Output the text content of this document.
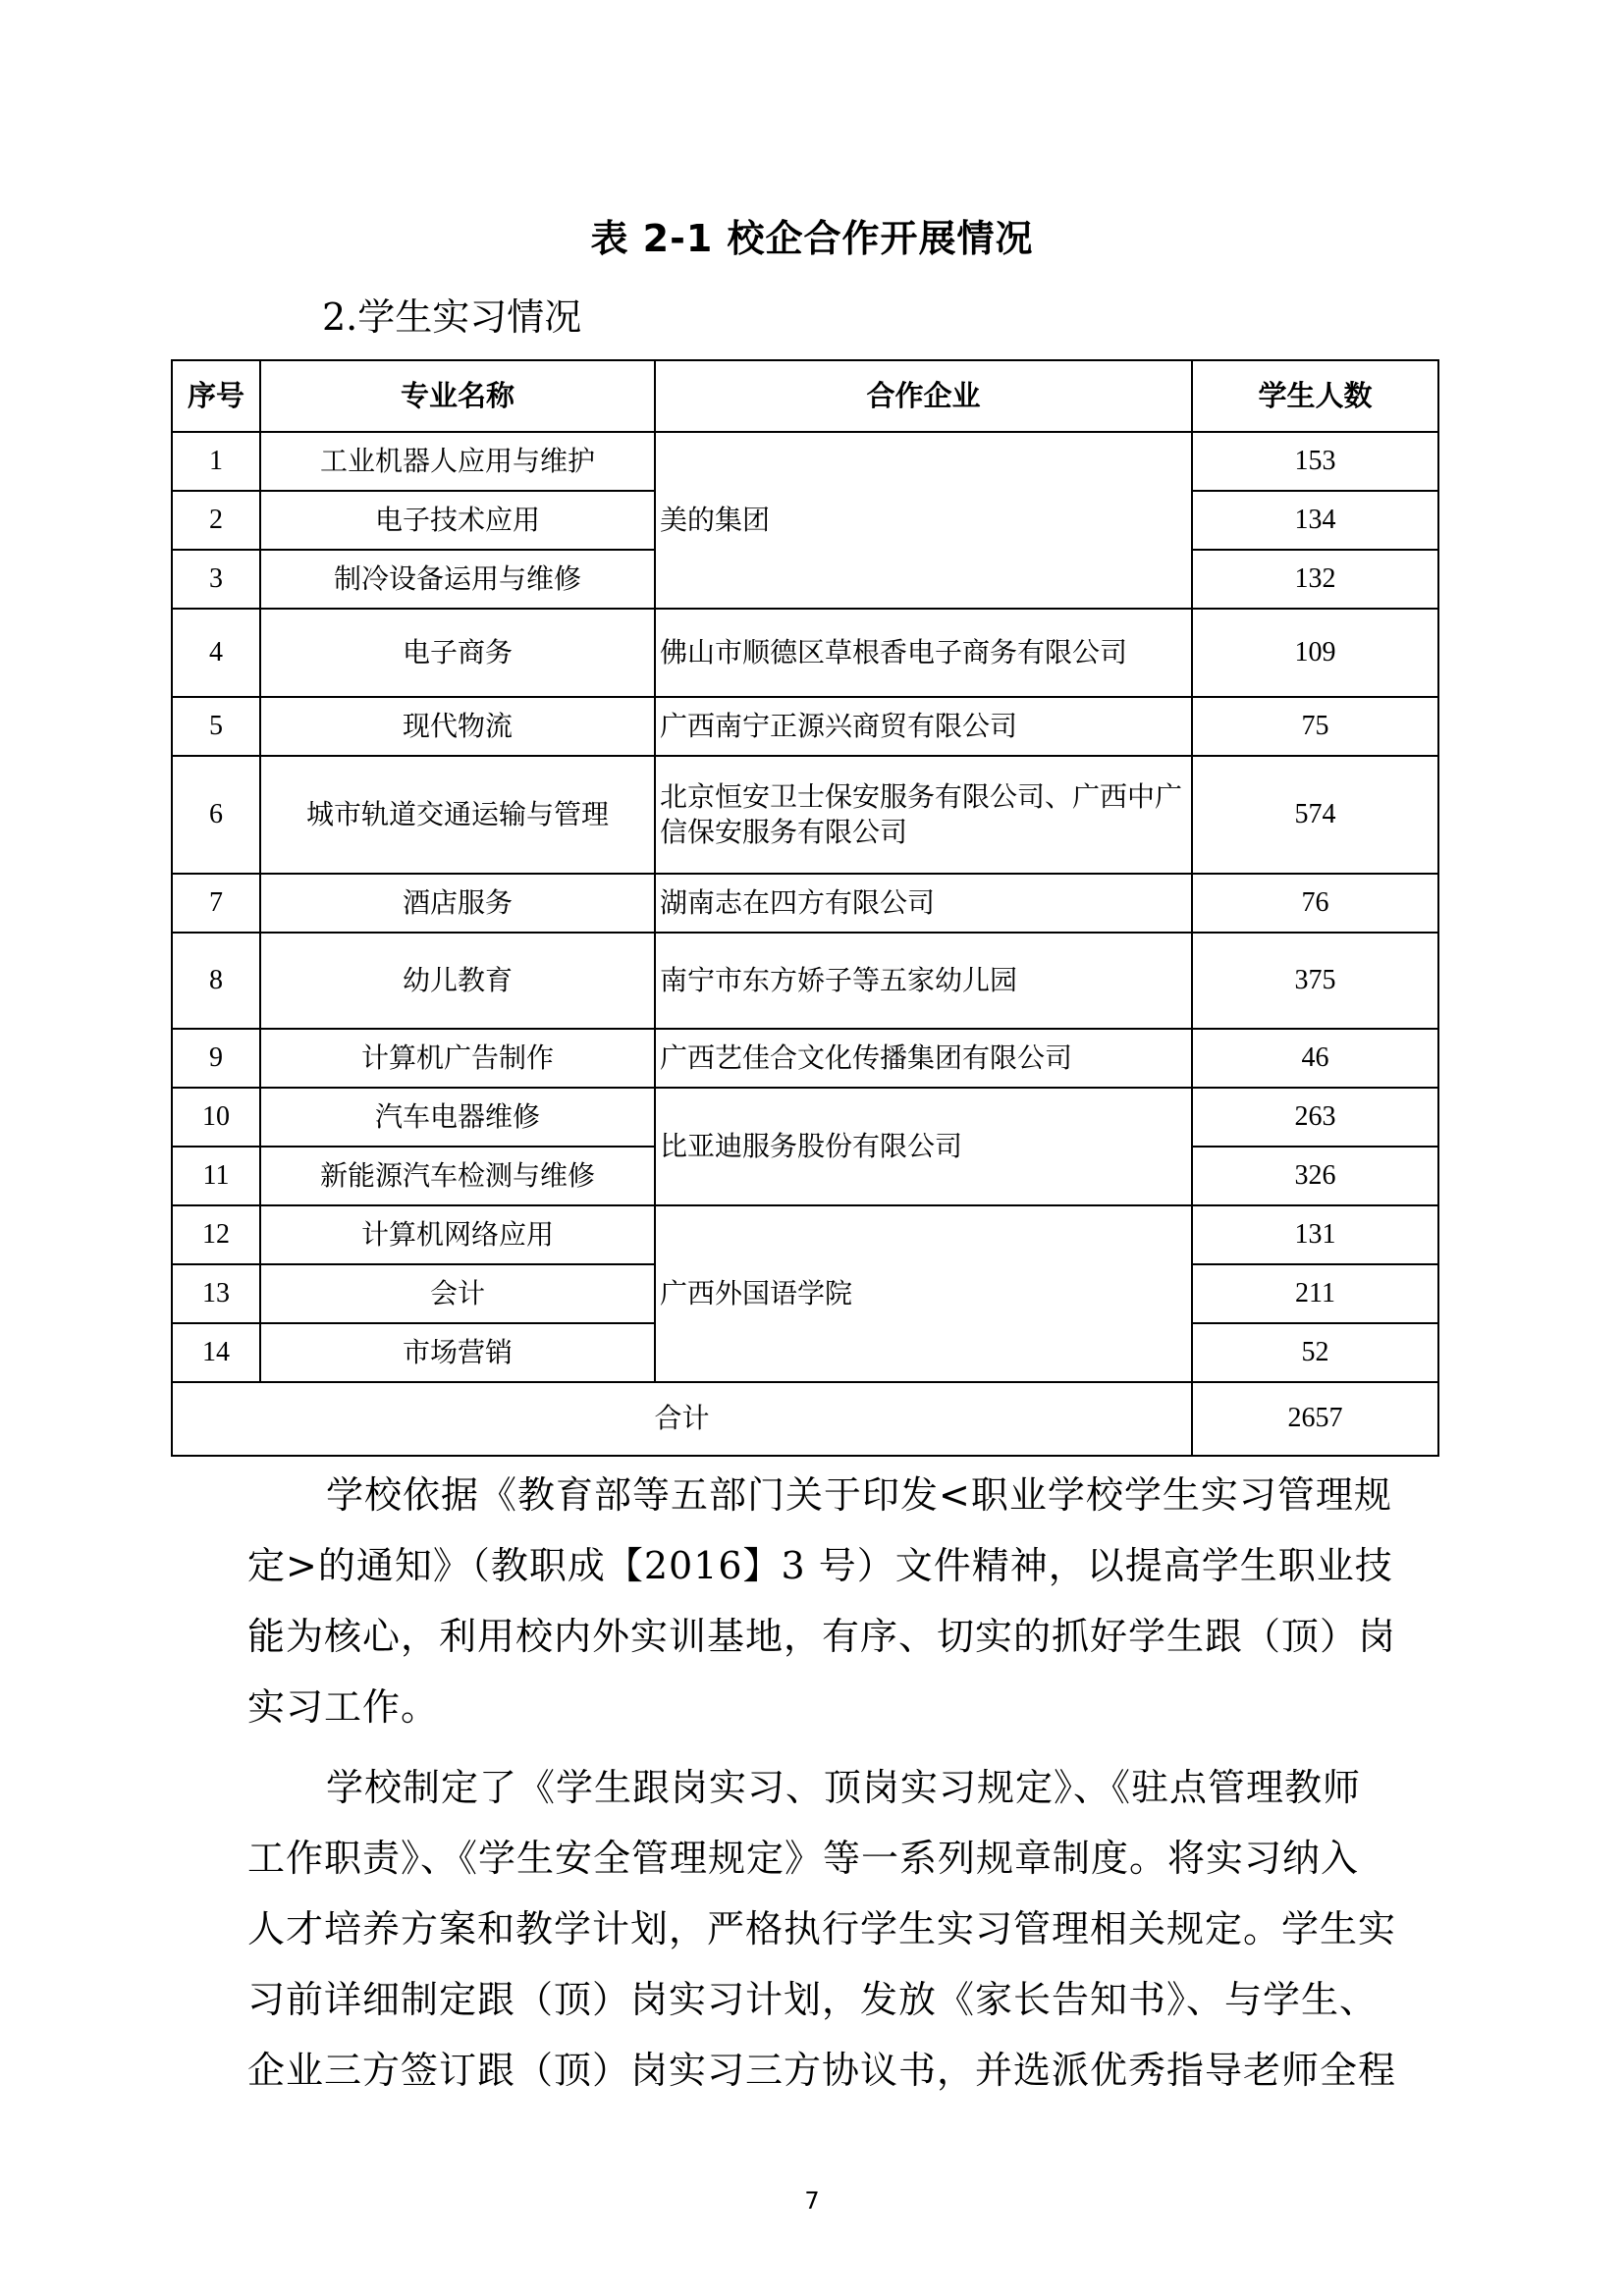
表 2-1 校企合作开展情况
2.学生实习情况
序号	专业名称	合作企业	学生人数
1	工业机器人应用与维护	美的集团	153
2	电子技术应用		134
3	制冷设备运用与维修		132
4	电子商务	佛山市顺德区草根香电子商务有限公司	109
5	现代物流	广西南宁正源兴商贸有限公司	75
6	城市轨道交通运输与管理	北京恒安卫士保安服务有限公司、广西中广信保安服务有限公司	574
7	酒店服务	湖南志在四方有限公司	76
8	幼儿教育	南宁市东方娇子等五家幼儿园	375
9	计算机广告制作	广西艺佳合文化传播集团有限公司	46
10	汽车电器维修	比亚迪服务股份有限公司	263
11	新能源汽车检测与维修		326
12	计算机网络应用	广西外国语学院	131
13	会计		211
14	市场营销		52
合计			2657

学校依据《教育部等五部门关于印发<职业学校学生实习管理规定>的通知》（教职成【2016】3 号）文件精神，以提高学生职业技能为核心，利用校内外实训基地，有序、切实的抓好学生跟（顶）岗实习工作。

学校制定了《学生跟岗实习、顶岗实习规定》、《驻点管理教师工作职责》、《学生安全管理规定》等一系列规章制度。将实习纳入人才培养方案和教学计划，严格执行学生实习管理相关规定。学生实习前详细制定跟（顶）岗实习计划，发放《家长告知书》、与学生、企业三方签订跟（顶）岗实习三方协议书，并选派优秀指导老师全程

7
